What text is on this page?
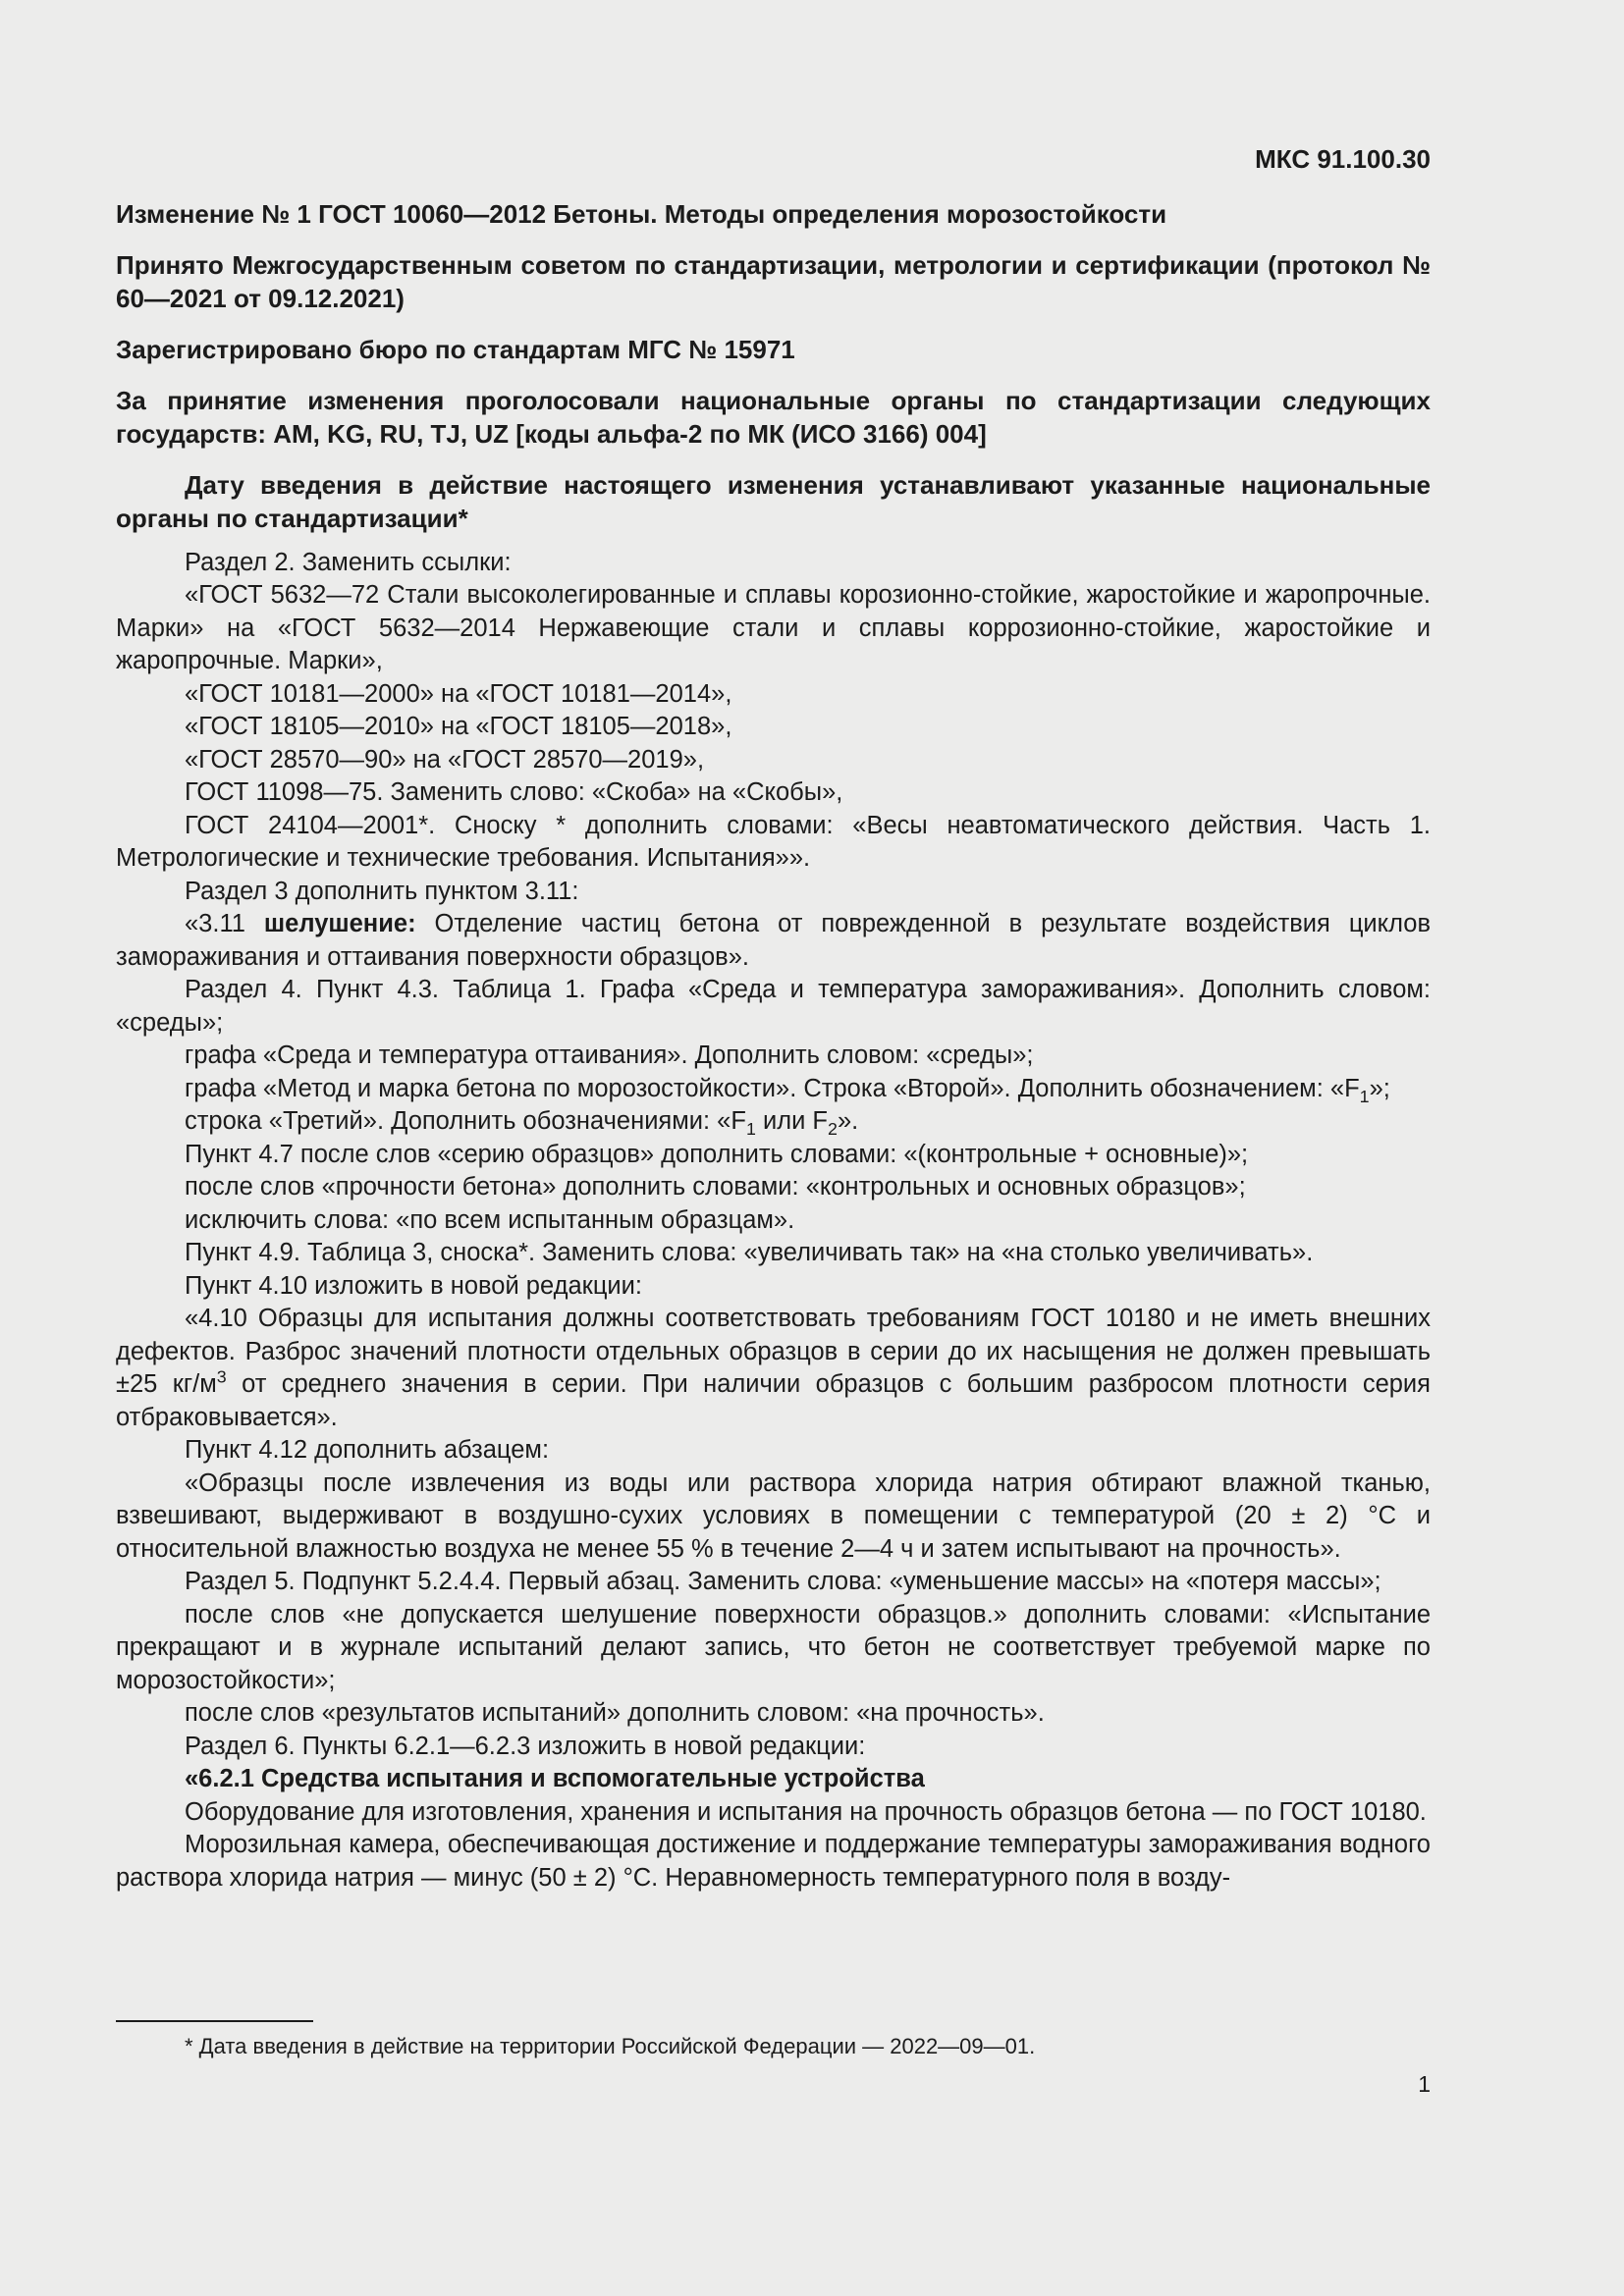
МКС 91.100.30
Изменение № 1 ГОСТ 10060—2012 Бетоны. Методы определения морозостойкости
Принято Межгосударственным советом по стандартизации, метрологии и сертификации (протокол № 60—2021 от 09.12.2021)
Зарегистрировано бюро по стандартам МГС № 15971
За принятие изменения проголосовали национальные органы по стандартизации следующих государств: AM, KG, RU, TJ, UZ [коды альфа-2 по МК (ИСО 3166) 004]
Дату введения в действие настоящего изменения устанавливают указанные национальные органы по стандартизации*

Раздел 2. Заменить ссылки:

«ГОСТ 5632—72 Стали высоколегированные и сплавы корозионно-стойкие, жаростойкие и жаропрочные. Марки» на «ГОСТ 5632—2014 Нержавеющие стали и сплавы коррозионно-стойкие, жаростойкие и жаропрочные. Марки»,

«ГОСТ 10181—2000» на «ГОСТ 10181—2014»,

«ГОСТ 18105—2010» на «ГОСТ 18105—2018»,

«ГОСТ 28570—90» на «ГОСТ 28570—2019»,

ГОСТ 11098—75. Заменить слово: «Скоба» на «Скобы»,

ГОСТ 24104—2001*. Сноску * дополнить словами: «Весы неавтоматического действия. Часть 1. Метрологические и технические требования. Испытания»».

Раздел 3 дополнить пунктом 3.11:

«3.11 шелушение: Отделение частиц бетона от поврежденной в результате воздействия циклов замораживания и оттаивания поверхности образцов».

Раздел 4. Пункт 4.3. Таблица 1. Графа «Среда и температура замораживания». Дополнить словом: «среды»;

графа «Среда и температура оттаивания». Дополнить словом: «среды»;

графа «Метод и марка бетона по морозостойкости». Строка «Второй». Дополнить обозначением: «$F_1$»;

строка «Третий». Дополнить обозначениями: «$F_1$ или $F_2$».

Пункт 4.7 после слов «серию образцов» дополнить словами: «(контрольные + основные)»;

после слов «прочности бетона» дополнить словами: «контрольных и основных образцов»;

исключить слова: «по всем испытанным образцам».

Пункт 4.9. Таблица 3, сноска*. Заменить слова: «увеличивать так» на «на столько увеличивать».

Пункт 4.10 изложить в новой редакции:

«4.10 Образцы для испытания должны соответствовать требованиям ГОСТ 10180 и не иметь внешних дефектов. Разброс значений плотности отдельных образцов в серии до их насыщения не должен превышать ±25 $кг/м^3$ от среднего значения в серии. При наличии образцов с большим разбросом плотности серия отбраковывается».

Пункт 4.12 дополнить абзацем:

«Образцы после извлечения из воды или раствора хлорида натрия обтирают влажной тканью, взвешивают, выдерживают в воздушно-сухих условиях в помещении с температурой (20 ± 2) °С и относительной влажностью воздуха не менее 55 % в течение 2—4 ч и затем испытывают на прочность».

Раздел 5. Подпункт 5.2.4.4. Первый абзац. Заменить слова: «уменьшение массы» на «потеря массы»;

после слов «не допускается шелушение поверхности образцов.» дополнить словами: «Испытание прекращают и в журнале испытаний делают запись, что бетон не соответствует требуемой марке по морозостойкости»;

после слов «результатов испытаний» дополнить словом: «на прочность».

Раздел 6. Пункты 6.2.1—6.2.3 изложить в новой редакции:

«6.2.1 Средства испытания и вспомогательные устройства

Оборудование для изготовления, хранения и испытания на прочность образцов бетона — по ГОСТ 10180.

Морозильная камера, обеспечивающая достижение и поддержание температуры замораживания водного раствора хлорида натрия — минус (50 ± 2) °С. Неравномерность температурного поля в возду-

* Дата введения в действие на территории Российской Федерации — 2022—09—01.
1
